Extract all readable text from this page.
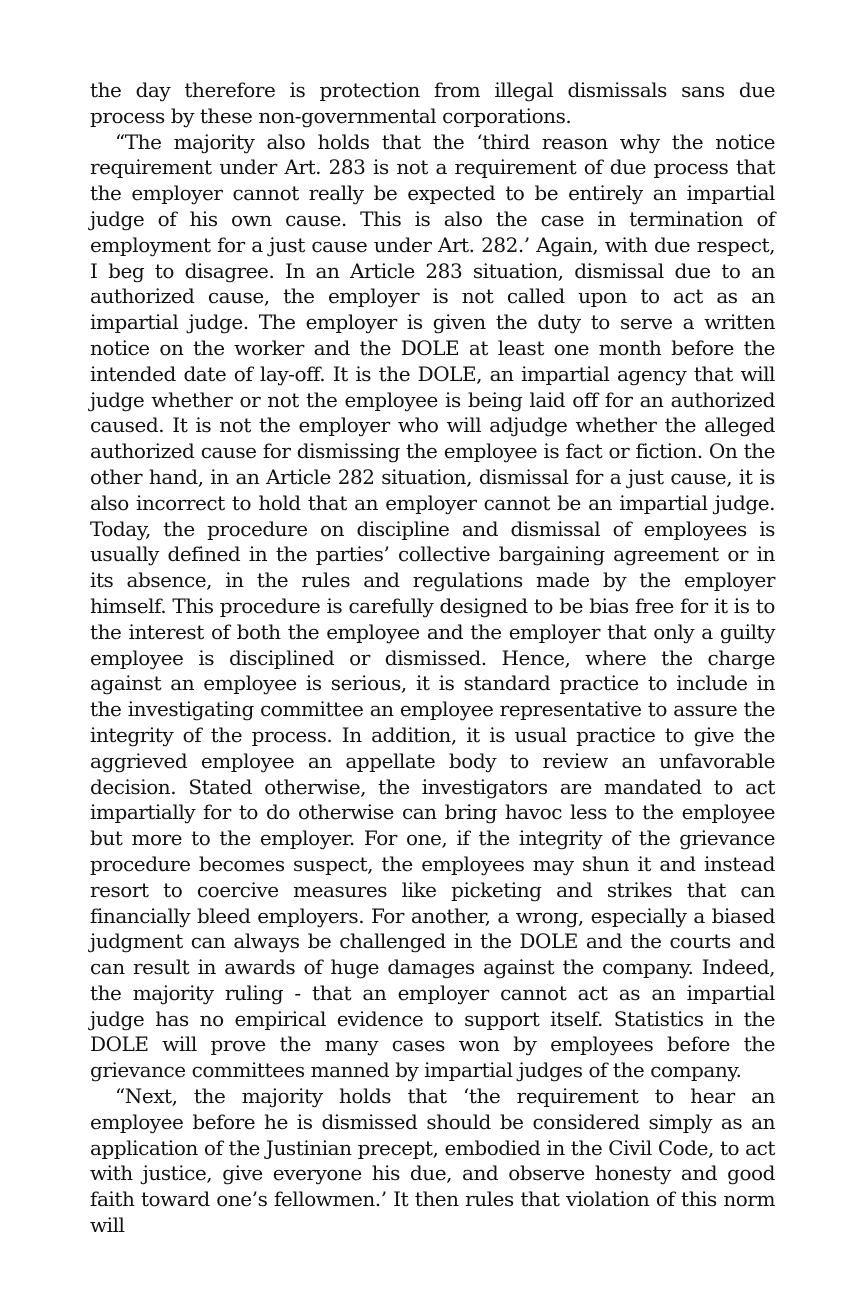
the day therefore is protection from illegal dismissals sans due process by these non-governmental corporations.

“The majority also holds that the ‘third reason why the notice requirement under Art. 283 is not a requirement of due process that the employer cannot really be expected to be entirely an impartial judge of his own cause. This is also the case in termination of employment for a just cause under Art. 282.’ Again, with due respect, I beg to disagree. In an Article 283 situation, dismissal due to an authorized cause, the employer is not called upon to act as an impartial judge. The employer is given the duty to serve a written notice on the worker and the DOLE at least one month before the intended date of lay-off. It is the DOLE, an impartial agency that will judge whether or not the employee is being laid off for an authorized caused. It is not the employer who will adjudge whether the alleged authorized cause for dismissing the employee is fact or fiction. On the other hand, in an Article 282 situation, dismissal for a just cause, it is also incorrect to hold that an employer cannot be an impartial judge. Today, the procedure on discipline and dismissal of employees is usually defined in the parties’ collective bargaining agreement or in its absence, in the rules and regulations made by the employer himself. This procedure is carefully designed to be bias free for it is to the interest of both the employee and the employer that only a guilty employee is disciplined or dismissed. Hence, where the charge against an employee is serious, it is standard practice to include in the investigating committee an employee representative to assure the integrity of the process. In addition, it is usual practice to give the aggrieved employee an appellate body to review an unfavorable decision. Stated otherwise, the investigators are mandated to act impartially for to do otherwise can bring havoc less to the employee but more to the employer. For one, if the integrity of the grievance procedure becomes suspect, the employees may shun it and instead resort to coercive measures like picketing and strikes that can financially bleed employers. For another, a wrong, especially a biased judgment can always be challenged in the DOLE and the courts and can result in awards of huge damages against the company. Indeed, the majority ruling - that an employer cannot act as an impartial judge has no empirical evidence to support itself. Statistics in the DOLE will prove the many cases won by employees before the grievance committees manned by impartial judges of the company.

“Next, the majority holds that ‘the requirement to hear an employee before he is dismissed should be considered simply as an application of the Justinian precept, embodied in the Civil Code, to act with justice, give everyone his due, and observe honesty and good faith toward one’s fellowmen.’ It then rules that violation of this norm will
